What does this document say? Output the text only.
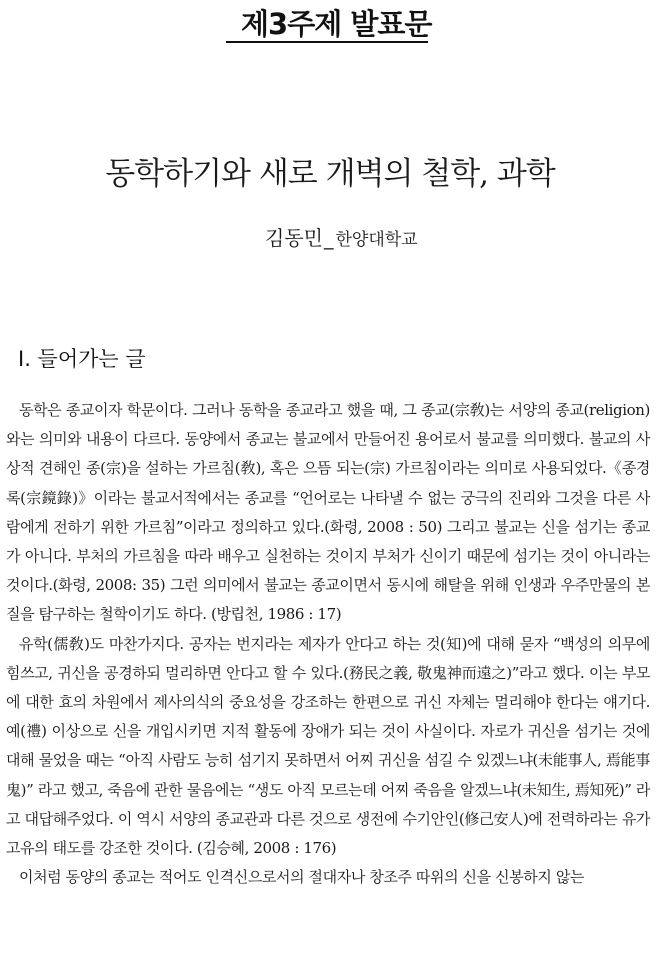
제3주제 발표문
동학하기와 새로 개벽의 철학, 과학
김동민_ 한양대학교
I. 들어가는 글

동학은 종교이자 학문이다. 그러나 동학을 종교라고 했을 때, 그 종교(宗敎)는 서양의 종교(religion)와는 의미와 내용이 다르다. 동양에서 종교는 불교에서 만들어진 용어로서 불교를 의미했다. 불교의 사상적 견해인 종(宗)을 설하는 가르침(敎), 혹은 으뜸 되는(宗) 가르침이라는 의미로 사용되었다.《종경록(宗鏡錄)》이라는 불교서적에서는 종교를 “언어로는 나타낼 수 없는 궁극의 진리와 그것을 다른 사람에게 전하기 위한 가르침”이라고 정의하고 있다.(화령, 2008 : 50) 그리고 불교는 신을 섬기는 종교가 아니다. 부처의 가르침을 따라 배우고 실천하는 것이지 부처가 신이기 때문에 섬기는 것이 아니라는 것이다.(화령, 2008: 35) 그런 의미에서 불교는 종교이면서 동시에 해탈을 위해 인생과 우주만물의 본질을 탐구하는 철학이기도 하다. (방립천, 1986 : 17)

유학(儒敎)도 마찬가지다. 공자는 번지라는 제자가 안다고 하는 것(知)에 대해 묻자 “백성의 의무에 힘쓰고, 귀신을 공경하되 멀리하면 안다고 할 수 있다.(務民之義, 敬鬼神而遠之)”라고 했다. 이는 부모에 대한 효의 차원에서 제사의식의 중요성을 강조하는 한편으로 귀신 자체는 멀리해야 한다는 얘기다. 예(禮) 이상으로 신을 개입시키면 지적 활동에 장애가 되는 것이 사실이다. 자로가 귀신을 섬기는 것에 대해 물었을 때는 “아직 사람도 능히 섬기지 못하면서 어찌 귀신을 섬길 수 있겠느냐(未能事人, 焉能事鬼)” 라고 했고, 죽음에 관한 물음에는 “생도 아직 모르는데 어찌 죽음을 알겠느냐(未知生, 焉知死)” 라고 대답해주었다. 이 역시 서양의 종교관과 다른 것으로 생전에 수기안인(修己安人)에 전력하라는 유가 고유의 태도를 강조한 것이다. (김승혜, 2008 : 176)

이처럼 동양의 종교는 적어도 인격신으로서의 절대자나 창조주 따위의 신을 신봉하지 않는
